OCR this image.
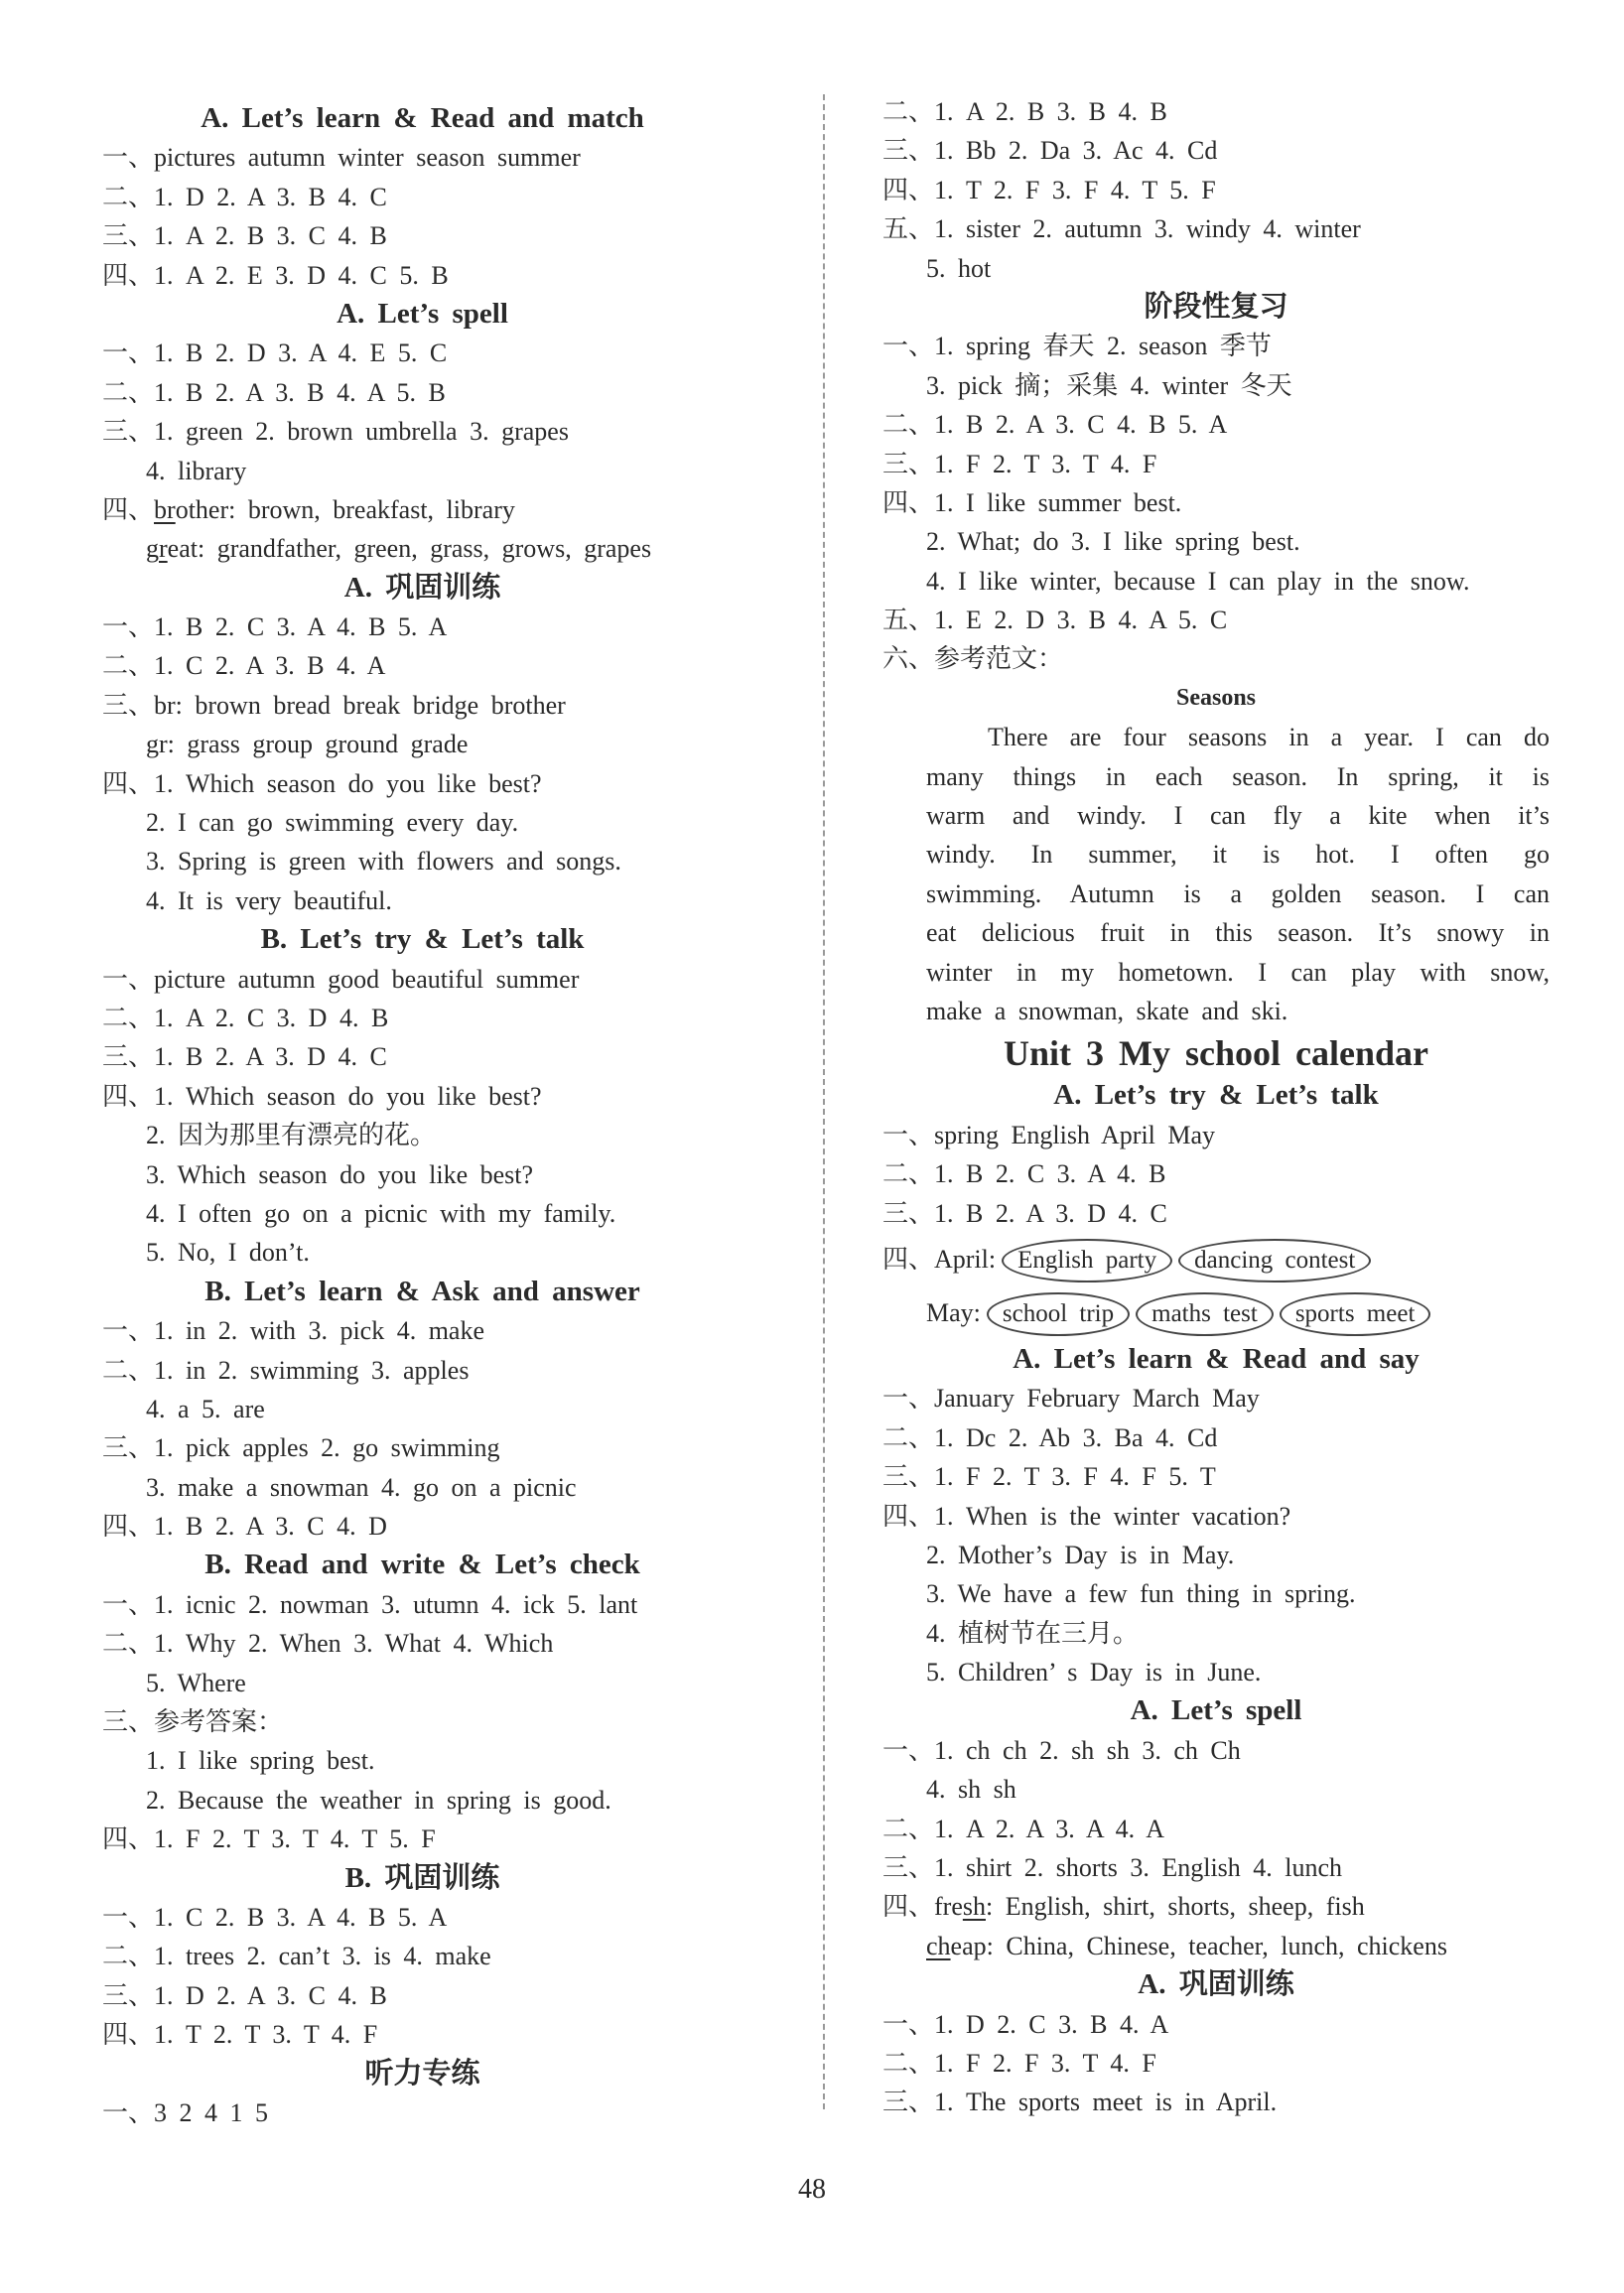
A. Let’s learn & Read and match
一、pictures autumn winter season summer
二、1. D 2. A 3. B 4. C
三、1. A 2. B 3. C 4. B
四、1. A 2. E 3. D 4. C 5. B
A. Let’s spell
一、1. B 2. D 3. A 4. E 5. C
二、1. B 2. A 3. B 4. A 5. B
三、1. green 2. brown umbrella 3. grapes
4. library
四、brother: brown, breakfast, library
great: grandfather, green, grass, grows, grapes
A. 巩固训练
一、1. B 2. C 3. A 4. B 5. A
二、1. C 2. A 3. B 4. A
三、br: brown bread break bridge brother
gr: grass group ground grade
四、1. Which season do you like best?
2. I can go swimming every day.
3. Spring is green with flowers and songs.
4. It is very beautiful.
B. Let’s try & Let’s talk
一、picture autumn good beautiful summer
二、1. A 2. C 3. D 4. B
三、1. B 2. A 3. D 4. C
四、1. Which season do you like best?
2. 因为那里有漂亮的花。
3. Which season do you like best?
4. I often go on a picnic with my family.
5. No, I don’t.
B. Let’s learn & Ask and answer
一、1. in 2. with 3. pick 4. make
二、1. in 2. swimming 3. apples
4. a 5. are
三、1. pick apples 2. go swimming
3. make a snowman 4. go on a picnic
四、1. B 2. A 3. C 4. D
B. Read and write & Let’s check
一、1. icnic 2. nowman 3. utumn 4. ick 5. lant
二、1. Why 2. When 3. What 4. Which
5. Where
三、参考答案：
1. I like spring best.
2. Because the weather in spring is good.
四、1. F 2. T 3. T 4. T 5. F
B. 巩固训练
一、1. C 2. B 3. A 4. B 5. A
二、1. trees 2. can’t 3. is 4. make
三、1. D 2. A 3. C 4. B
四、1. T 2. T 3. T 4. F
听力专练
一、3 2 4 1 5
二、1. A 2. B 3. B 4. B
三、1. Bb 2. Da 3. Ac 4. Cd
四、1. T 2. F 3. F 4. T 5. F
五、1. sister 2. autumn 3. windy 4. winter
5. hot
阶段性复习
一、1. spring 春天 2. season 季节
3. pick 摘；采集 4. winter 冬天
二、1. B 2. A 3. C 4. B 5. A
三、1. F 2. T 3. T 4. F
四、1. I like summer best.
2. What; do 3. I like spring best.
4. I like winter, because I can play in the snow.
五、1. E 2. D 3. B 4. A 5. C
六、参考范文：
Seasons
There are four seasons in a year. I can do
many things in each season. In spring, it is
warm and windy. I can fly a kite when it’s
windy. In summer, it is hot. I often go
swimming. Autumn is a golden season. I can
eat delicious fruit in this season. It’s snowy in
winter in my hometown. I can play with snow,
make a snowman, skate and ski.
Unit 3 My school calendar
A. Let’s try & Let’s talk
一、spring English April May
二、1. B 2. C 3. A 4. B
三、1. B 2. A 3. D 4. C
四、April: English party dancing contest
May: school trip maths test sports meet
A. Let’s learn & Read and say
一、January February March May
二、1. Dc 2. Ab 3. Ba 4. Cd
三、1. F 2. T 3. F 4. F 5. T
四、1. When is the winter vacation?
2. Mother’s Day is in May.
3. We have a few fun thing in spring.
4. 植树节在三月。
5. Children’ s Day is in June.
A. Let’s spell
一、1. ch ch 2. sh sh 3. ch Ch
4. sh sh
二、1. A 2. A 3. A 4. A
三、1. shirt 2. shorts 3. English 4. lunch
四、fresh: English, shirt, shorts, sheep, fish
cheap: China, Chinese, teacher, lunch, chickens
A. 巩固训练
一、1. D 2. C 3. B 4. A
二、1. F 2. F 3. T 4. F
三、1. The sports meet is in April.
48
